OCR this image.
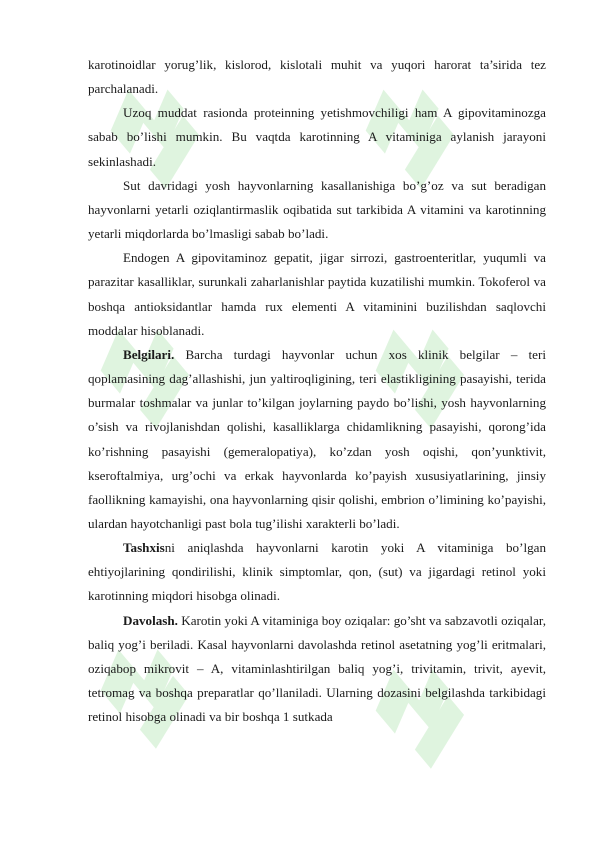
karotinoidlar yorug’lik, kislorod, kislotali muhit va yuqori harorat ta’sirida tez parchalanadi.

Uzoq muddat rasionda proteinning yetishmovchiligi ham A gipovitaminozga sabab bo’lishi mumkin. Bu vaqtda karotinning A vitaminiga aylanish jarayoni sekinlashadi.

Sut davridagi yosh hayvonlarning kasallanishiga bo’g’oz va sut beradigan hayvonlarni yetarli oziqlantirmaslik oqibatida sut tarkibida A vitamini va karotinning yetarli miqdorlarda bo’lmasligi sabab bo’ladi.

Endogen A gipovitaminoz gepatit, jigar sirrozi, gastroenteritlar, yuqumli va parazitar kasalliklar, surunkali zaharlanishlar paytida kuzatilishi mumkin. Tokoferol va boshqa antioksidantlar hamda rux elementi A vitaminini buzilishdan saqlovchi moddalar hisoblanadi.

Belgilari. Barcha turdagi hayvonlar uchun xos klinik belgilar – teri qoplamasining dag’allashishi, jun yaltiroqligining, teri elastikligining pasayishi, terida burmalar toshmalar va junlar to’kilgan joylarning paydo bo’lishi, yosh hayvonlarning o’sish va rivojlanishdan qolishi, kasalliklarga chidamlikning pasayishi, qorong’ida ko’rishning pasayishi (gemeralopatiya), ko’zdan yosh oqishi, qon’yunktivit, kseroftalmiya, urg’ochi va erkak hayvonlarda ko’payish xususiyatlarining, jinsiy faollikning kamayishi, ona hayvonlarning qisir qolishi, embrion o’limining ko’payishi, ulardan hayotchanligi past bola tug’ilishi xarakterli bo’ladi.

Tashxisni aniqlashda hayvonlarni karotin yoki A vitaminiga bo’lgan ehtiyojlarining qondirilishi, klinik simptomlar, qon, (sut) va jigardagi retinol yoki karotinning miqdori hisobga olinadi.

Davolash. Karotin yoki A vitaminiga boy oziqalar: go’sht va sabzavotli oziqalar, baliq yog’i beriladi. Kasal hayvonlarni davolashda retinol asetatning yog’li eritmalari, oziqabop mikrovit – A, vitaminlashtirilgan baliq yog’i, trivitamin, trivit, ayevit, tetromag va boshqa preparatlar qo’llaniladi. Ularning dozasini belgilashda tarkibidagi retinol hisobga olinadi va bir boshqa 1 sutkada
